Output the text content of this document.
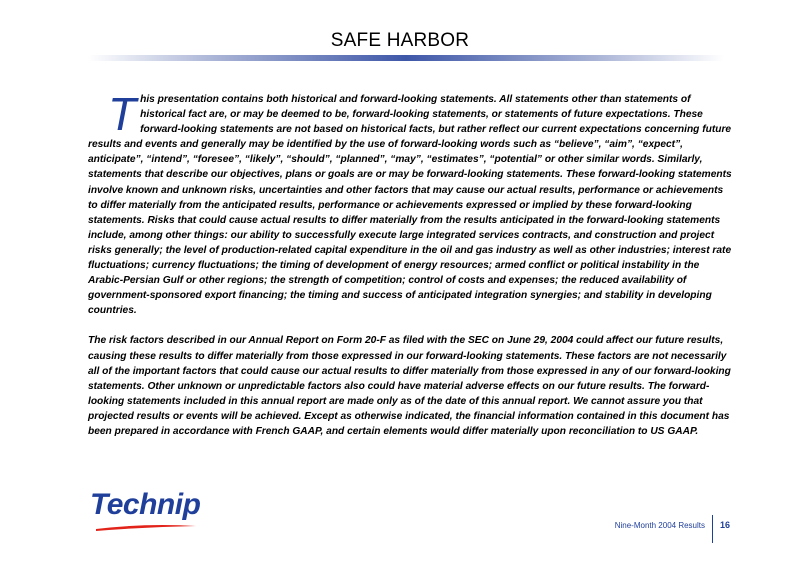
SAFE HARBOR

This presentation contains both historical and forward-looking statements. All statements other than statements of historical fact are, or may be deemed to be, forward-looking statements, or statements of future expectations. These forward-looking statements are not based on historical facts, but rather reflect our current expectations concerning future results and events and generally may be identified by the use of forward-looking words such as “believe”, “aim”, “expect”, anticipate”, “intend”, “foresee”, “likely”, “should”, “planned”, “may”, “estimates”, “potential” or other similar words. Similarly, statements that describe our objectives, plans or goals are or may be forward-looking statements. These forward-looking statements involve known and unknown risks, uncertainties and other factors that may cause our actual results, performance or achievements to differ materially from the anticipated results, performance or achievements expressed or implied by these forward-looking statements. Risks that could cause actual results to differ materially from the results anticipated in the forward-looking statements include, among other things: our ability to successfully execute large integrated services contracts, and construction and project risks generally; the level of production-related capital expenditure in the oil and gas industry as well as other industries; interest rate fluctuations; currency fluctuations; the timing of development of energy resources; armed conflict or political instability in the Arabic-Persian Gulf or other regions; the strength of competition; control of costs and expenses; the reduced availability of government-sponsored export financing; the timing and success of anticipated integration synergies; and stability in developing countries.

The risk factors described in our Annual Report on Form 20-F as filed with the SEC on June 29, 2004 could affect our future results, causing these results to differ materially from those expressed in our forward-looking statements. These factors are not necessarily all of the important factors that could cause our actual results to differ materially from those expressed in any of our forward-looking statements. Other unknown or unpredictable factors also could have material adverse effects on our future results. The forward-looking statements included in this annual report are made only as of the date of this annual report. We cannot assure you that projected results or events will be achieved. Except as otherwise indicated, the financial information contained in this document has been prepared in accordance with French GAAP, and certain elements would differ materially upon reconciliation to US GAAP.

Technip
Nine-Month 2004 Results 16
